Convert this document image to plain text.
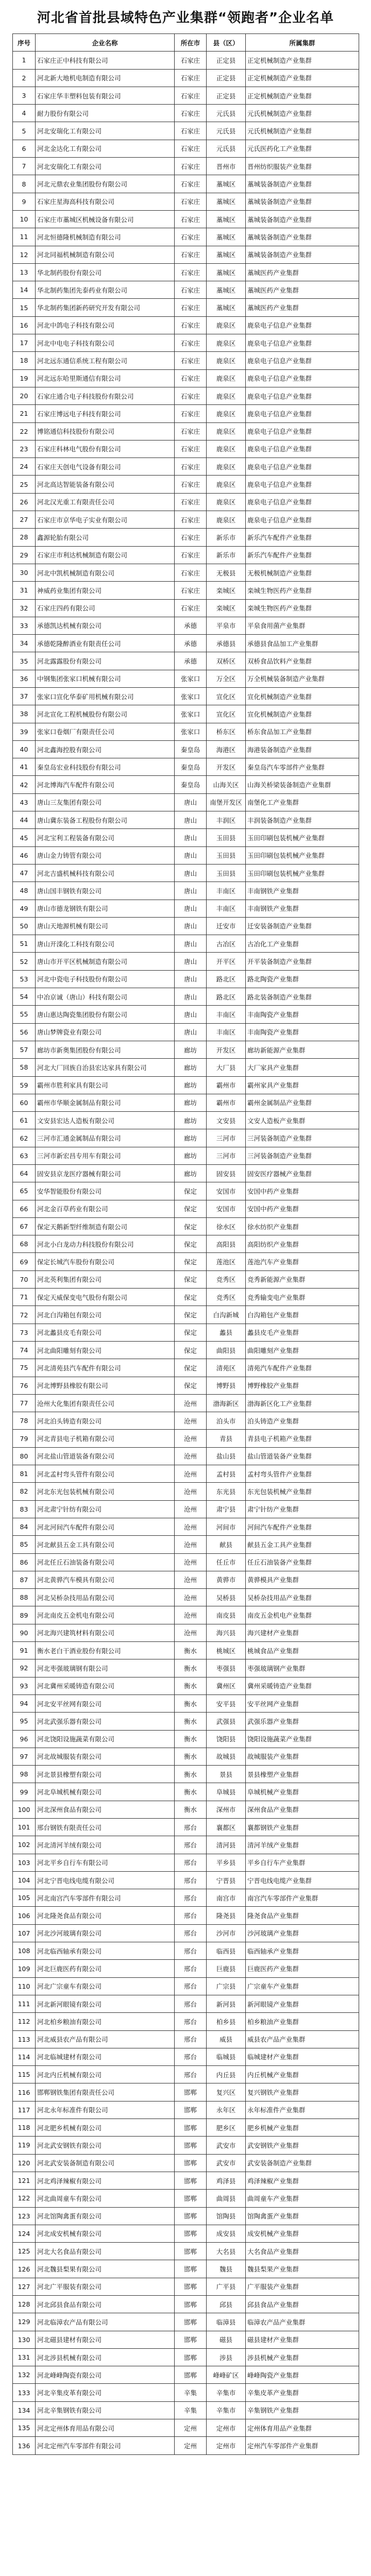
河北省首批县域特色产业集群“领跑者”企业名单
序号	企业名称	所在市	县（区）	所属集群
1	石家庄正中科技有限公司	石家庄	正定县	正定机械制造产业集群
2	河北新大地机电制造有限公司	石家庄	正定县	正定机械制造产业集群
3	石家庄华丰塑料包装有限公司	石家庄	正定县	正定机械制造产业集群
4	耐力股份有限公司	石家庄	元氏县	元氏机械制造产业集群
5	河北安瑞化工有限公司	石家庄	元氏县	元氏机械制造产业集群
6	河北金达化工有限公司	石家庄	元氏县	元氏医药化工产业集群
7	河北安瑞化工有限公司	石家庄	晋州市	晋州纺织服装产业集群
8	河北元鼎农业集团股份有限公司	石家庄	藁城区	藁城装备制造产业集群
9	石家庄星海高科技有限公司	石家庄	藁城区	藁城装备制造产业集群
10	石家庄市藁城区机械设备有限公司	石家庄	藁城区	藁城装备制造产业集群
11	河北恒德隆机械制造有限公司	石家庄	藁城区	藁城装备制造产业集群
12	河北同福机械制造有限公司	石家庄	藁城区	藁城装备制造产业集群
13	华北制药股份有限公司	石家庄	藁城区	藁城医药产业集群
14	华北制药集团先泰药业有限公司	石家庄	藁城区	藁城医药产业集群
15	华北制药集团新药研究开发有限公司	石家庄	藁城区	藁城医药产业集群
16	河北中鸽电子科技有限公司	石家庄	鹿泉区	鹿泉电子信息产业集群
17	河北中电电子科技有限公司	石家庄	鹿泉区	鹿泉电子信息产业集群
18	河北远东通信系统工程有限公司	石家庄	鹿泉区	鹿泉电子信息产业集群
19	河北远东哈里斯通信有限公司	石家庄	鹿泉区	鹿泉电子信息产业集群
20	石家庄通合电子科技股份有限公司	石家庄	鹿泉区	鹿泉电子信息产业集群
21	石家庄博远电子科技有限公司	石家庄	鹿泉区	鹿泉电子信息产业集群
22	博铭通信科技股份有限公司	石家庄	鹿泉区	鹿泉电子信息产业集群
23	石家庄科林电气股份有限公司	石家庄	鹿泉区	鹿泉电子信息产业集群
24	石家庄天创电气设备有限公司	石家庄	鹿泉区	鹿泉电子信息产业集群
25	河北高达智能装备有限公司	石家庄	鹿泉区	鹿泉电子信息产业集群
26	河北汉光重工有限责任公司	石家庄	鹿泉区	鹿泉电子信息产业集群
27	石家庄市京华电子实业有限公司	石家庄	鹿泉区	鹿泉电子信息产业集群
28	鑫源轮胎有限公司	石家庄	新乐市	新乐汽车配件产业集群
29	石家庄市利达机械制造有限公司	石家庄	新乐市	新乐汽车配件产业集群
30	河北中凯机械制造有限公司	石家庄	无极县	无极机械制造产业集群
31	神威药业集团有限公司	石家庄	栾城区	栾城生物医药产业集群
32	石家庄四药有限公司	石家庄	栾城区	栾城生物医药产业集群
33	承德凯达机械有限公司	承德	平泉市	平泉食用菌产业集群
34	承德乾隆醉酒业有限责任公司	承德	承德县	承德县食品加工产业集群
35	河北露露股份有限公司	承德	双桥区	双桥食品饮料产业集群
36	中钢集团张家口机械有限公司	张家口	万全区	万全机械装备制造产业集群
37	张家口宣化华泰矿用机械有限公司	张家口	宣化区	宣化机械制造产业集群
38	河北宣化工程机械股份有限公司	张家口	宣化区	宣化机械制造产业集群
39	张家口卷烟厂有限责任公司	张家口	桥东区	桥东食品加工产业集群
40	河北鑫海控股有限公司	秦皇岛	海港区	海港装备制造产业集群
41	秦皇岛宏业科技股份有限公司	秦皇岛	开发区	秦皇岛汽车零部件产业集群
42	河北博海汽车配件有限公司	秦皇岛	山海关区	山海关桥梁装备制造产业集群
43	唐山三友集团有限公司	唐山	南堡开发区	南堡化工产业集群
44	唐山冀东装备工程股份有限公司	唐山	丰润区	丰润装备制造产业集群
45	河北宝利工程装备有限公司	唐山	玉田县	玉田印刷包装机械产业集群
46	唐山金力铸管有限公司	唐山	玉田县	玉田印刷包装机械产业集群
47	河北吉盛机械科技有限公司	唐山	玉田县	玉田印刷包装机械产业集群
48	唐山国丰钢铁有限公司	唐山	丰南区	丰南钢铁产业集群
49	唐山市德龙钢铁有限公司	唐山	丰南区	丰南钢铁产业集群
50	唐山天地源机械有限公司	唐山	迁安市	迁安装备制造产业集群
51	唐山开滦化工科技有限公司	唐山	古冶区	古冶化工产业集群
52	唐山市开平区机械制造有限公司	唐山	开平区	开平装备制造产业集群
53	河北中瓷电子科技股份有限公司	唐山	路北区	路北陶瓷产业集群
54	中冶京诚（唐山）科技有限公司	唐山	路北区	路北装备制造产业集群
55	唐山惠达陶瓷集团股份有限公司	唐山	丰南区	丰南陶瓷产业集群
56	唐山梦牌瓷业有限公司	唐山	丰南区	丰南陶瓷产业集群
57	廊坊市新奥集团股份有限公司	廊坊	开发区	廊坊新能源产业集群
58	河北大厂回族自治县宏达家具有限公司	廊坊	大厂县	大厂家具产业集群
59	霸州市胜利家具有限公司	廊坊	霸州市	霸州家具产业集群
60	霸州市华顺金属制品有限公司	廊坊	霸州市	霸州金属制品产业集群
61	文安县宏达人造板有限公司	廊坊	文安县	文安人造板产业集群
62	三河市汇通金属制品有限公司	廊坊	三河市	三河装备制造产业集群
63	三河市新宏昌专用车有限公司	廊坊	三河市	三河装备制造产业集群
64	固安县京龙医疗器械有限公司	廊坊	固安县	固安医疗器械产业集群
65	安华智能股份有限公司	保定	安国市	安国中药产业集群
66	河北金百草药业有限公司	保定	安国市	安国中药产业集群
67	保定天鹅新型纤维制造有限公司	保定	徐水区	徐水纺织产业集群
68	河北小白龙动力科技股份有限公司	保定	高阳县	高阳纺织产业集群
69	保定长城汽车股份有限公司	保定	莲池区	莲池汽车产业集群
70	河北英利集团有限公司	保定	竞秀区	竞秀新能源产业集群
71	保定天威保变电气股份有限公司	保定	竞秀区	竞秀输变电产业集群
72	河北白沟箱包有限公司	保定	白沟新城	白沟箱包产业集群
73	河北蠡县皮毛有限公司	保定	蠡县	蠡县皮毛产业集群
74	河北曲阳雕刻有限公司	保定	曲阳县	曲阳雕刻产业集群
75	河北清苑县汽车配件有限公司	保定	清苑区	清苑汽车配件产业集群
76	河北博野县橡胶有限公司	保定	博野县	博野橡胶产业集群
77	沧州大化集团有限责任公司	沧州	渤海新区	渤海新区化工产业集群
78	河北泊头铸造有限公司	沧州	泊头市	泊头铸造产业集群
79	河北青县电子机箱有限公司	沧州	青县	青县电子机箱产业集群
80	河北盐山管道装备有限公司	沧州	盐山县	盐山管道装备产业集群
81	河北孟村弯头管件有限公司	沧州	孟村县	孟村弯头管件产业集群
82	河北东光包装机械有限公司	沧州	东光县	东光包装机械产业集群
83	河北肃宁针纺有限公司	沧州	肃宁县	肃宁针纺产业集群
84	河北河间汽车配件有限公司	沧州	河间市	河间汽车配件产业集群
85	河北献县五金工具有限公司	沧州	献县	献县五金工具产业集群
86	河北任丘石油装备有限公司	沧州	任丘市	任丘石油装备产业集群
87	河北黄骅汽车模具有限公司	沧州	黄骅市	黄骅模具产业集群
88	河北吴桥杂技用品有限公司	沧州	吴桥县	吴桥杂技用品产业集群
89	河北南皮五金机电有限公司	沧州	南皮县	南皮五金机电产业集群
90	河北海兴建筑材料有限公司	沧州	海兴县	海兴建材产业集群
91	衡水老白干酒业股份有限公司	衡水	桃城区	桃城食品产业集群
92	河北枣强玻璃钢有限公司	衡水	枣强县	枣强玻璃钢产业集群
93	河北冀州采暖铸造有限公司	衡水	冀州区	冀州采暖铸造产业集群
94	河北安平丝网有限公司	衡水	安平县	安平丝网产业集群
95	河北武强乐器有限公司	衡水	武强县	武强乐器产业集群
96	河北饶阳设施蔬菜有限公司	衡水	饶阳县	饶阳设施蔬菜产业集群
97	河北故城服装有限公司	衡水	故城县	故城服装产业集群
98	河北景县橡塑有限公司	衡水	景县	景县橡塑产业集群
99	河北阜城机械有限公司	衡水	阜城县	阜城机械产业集群
100	河北深州食品有限公司	衡水	深州市	深州食品产业集群
101	邢台钢铁有限责任公司	邢台	襄都区	襄都钢铁产业集群
102	河北清河羊绒有限公司	邢台	清河县	清河羊绒产业集群
103	河北平乡自行车有限公司	邢台	平乡县	平乡自行车产业集群
104	河北宁晋电线电缆有限公司	邢台	宁晋县	宁晋电线电缆产业集群
105	河北南宫汽车零部件有限公司	邢台	南宫市	南宫汽车零部件产业集群
106	河北隆尧食品有限公司	邢台	隆尧县	隆尧食品产业集群
107	河北沙河玻璃有限公司	邢台	沙河市	沙河玻璃产业集群
108	河北临西轴承有限公司	邢台	临西县	临西轴承产业集群
109	河北巨鹿医药有限公司	邢台	巨鹿县	巨鹿医药产业集群
110	河北广宗童车有限公司	邢台	广宗县	广宗童车产业集群
111	河北新河眼镜有限公司	邢台	新河县	新河眼镜产业集群
112	河北柏乡粮油有限公司	邢台	柏乡县	柏乡粮油产业集群
113	河北威县农产品有限公司	邢台	威县	威县农产品产业集群
114	河北临城建材有限公司	邢台	临城县	临城建材产业集群
115	河北内丘机械有限公司	邢台	内丘县	内丘机械产业集群
116	邯郸钢铁集团有限责任公司	邯郸	复兴区	复兴钢铁产业集群
117	河北永年标准件有限公司	邯郸	永年区	永年标准件产业集群
118	河北肥乡机械有限公司	邯郸	肥乡区	肥乡机械产业集群
119	河北武安钢铁有限公司	邯郸	武安市	武安钢铁产业集群
120	河北武安装备制造有限公司	邯郸	武安市	武安装备制造产业集群
121	河北鸡泽辣椒有限公司	邯郸	鸡泽县	鸡泽辣椒产业集群
122	河北曲周童车有限公司	邯郸	曲周县	曲周童车产业集群
123	河北馆陶禽蛋有限公司	邯郸	馆陶县	馆陶禽蛋产业集群
124	河北成安机械有限公司	邯郸	成安县	成安机械产业集群
125	河北大名食品有限公司	邯郸	大名县	大名食品产业集群
126	河北魏县梨果有限公司	邯郸	魏县	魏县梨果产业集群
127	河北广平服装有限公司	邯郸	广平县	广平服装产业集群
128	河北邱县食品有限公司	邯郸	邱县	邱县食品产业集群
129	河北临漳农产品有限公司	邯郸	临漳县	临漳农产品产业集群
130	河北磁县建材有限公司	邯郸	磁县	磁县建材产业集群
131	河北涉县机械有限公司	邯郸	涉县	涉县机械产业集群
132	河北峰峰陶瓷有限公司	邯郸	峰峰矿区	峰峰陶瓷产业集群
133	河北辛集皮革有限公司	辛集	辛集市	辛集皮革产业集群
134	河北辛集钢铁有限公司	辛集	辛集市	辛集钢铁产业集群
135	河北定州体育用品有限公司	定州	定州市	定州体育用品产业集群
136	河北定州汽车零部件有限公司	定州	定州市	定州汽车零部件产业集群
